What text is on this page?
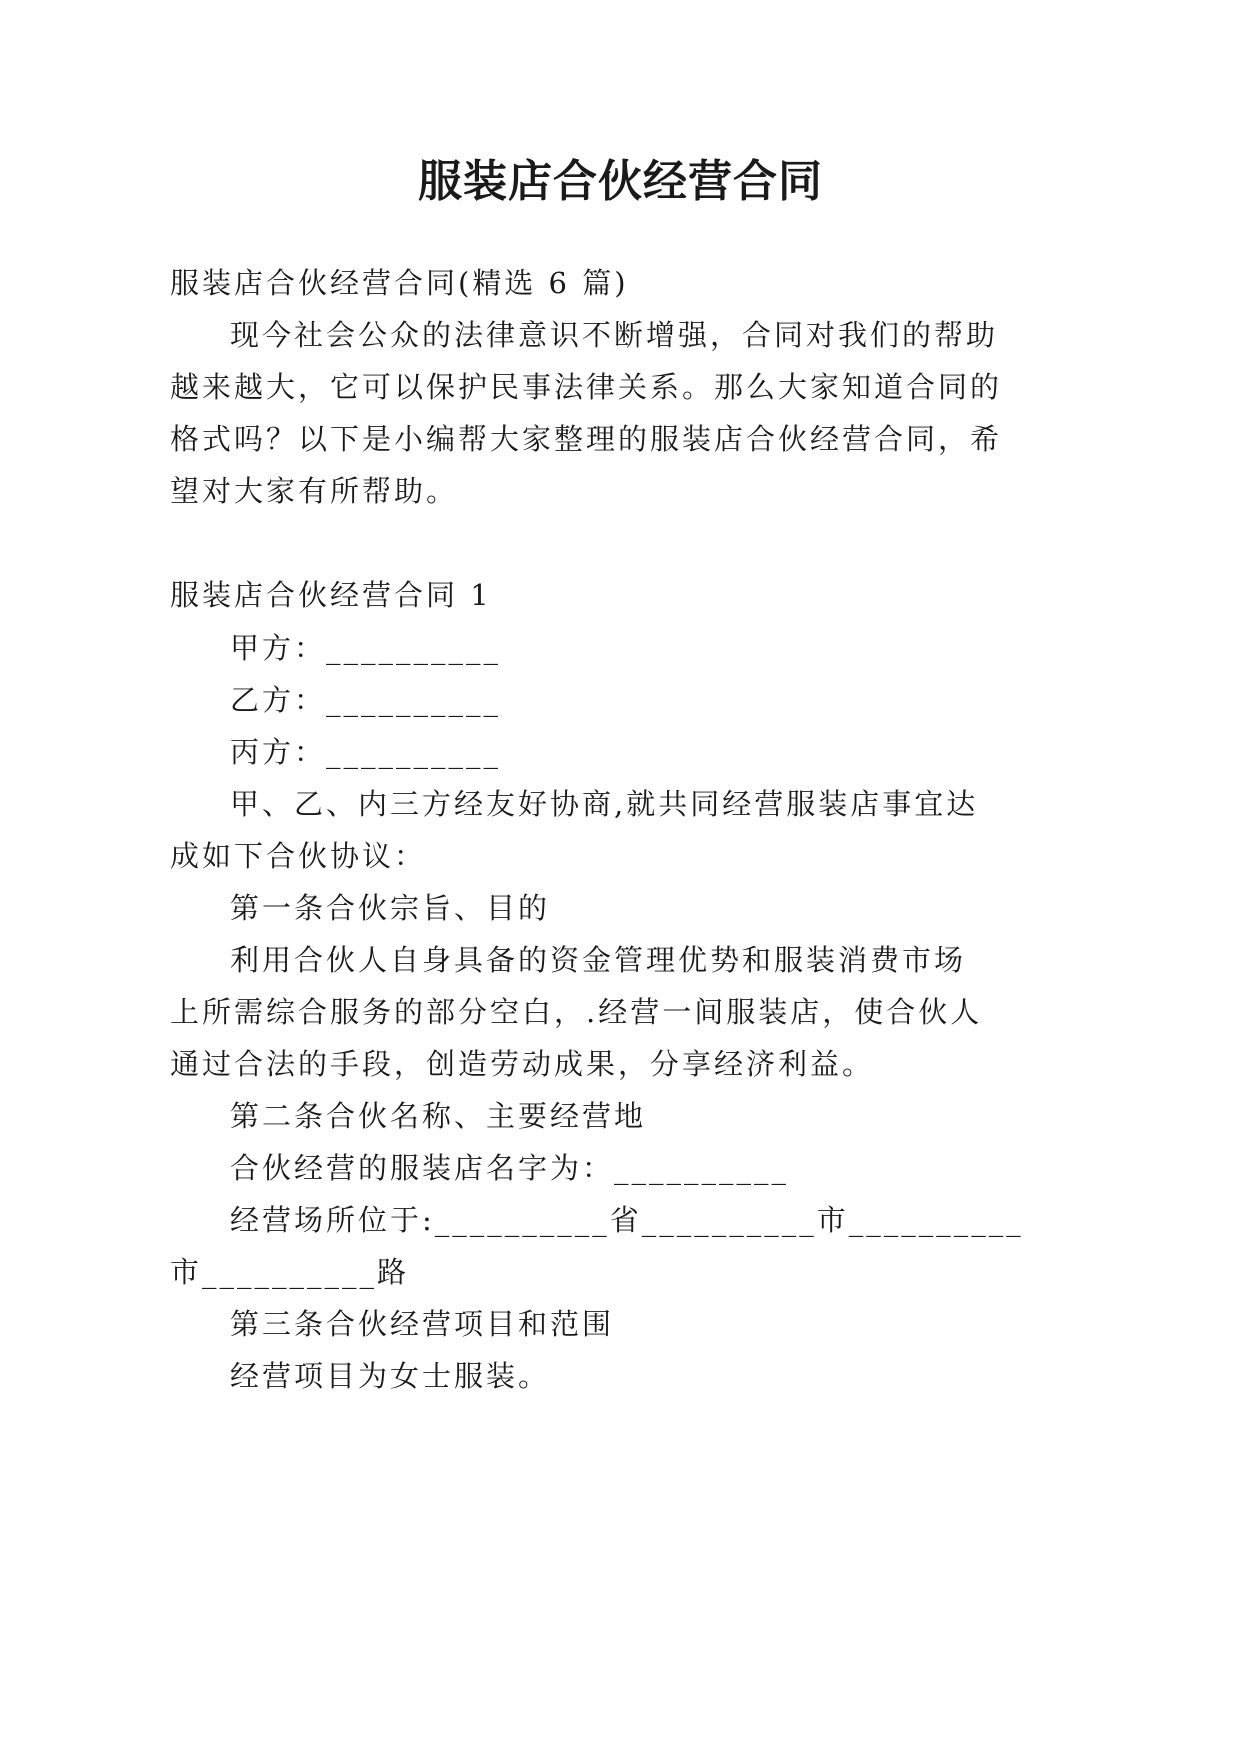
服装店合伙经营合同
服装店合伙经营合同(精选 6 篇)
现今社会公众的法律意识不断增强，合同对我们的帮助
越来越大，它可以保护民事法律关系。那么大家知道合同的
格式吗？以下是小编帮大家整理的服装店合伙经营合同，希
望对大家有所帮助。
服装店合伙经营合同 1
甲方：__________
乙方：__________
丙方：__________
甲、乙、内三方经友好协商,就共同经营服装店事宜达
成如下合伙协议：
第一条合伙宗旨、目的
利用合伙人自身具备的资金管理优势和服装消费市场
上所需综合服务的部分空白，.经营一间服装店，使合伙人
通过合法的手段，创造劳动成果，分享经济利益。
第二条合伙名称、主要经营地
合伙经营的服装店名字为：__________
经营场所位于:__________省__________市__________
市__________路
第三条合伙经营项目和范围
经营项目为女士服装。
